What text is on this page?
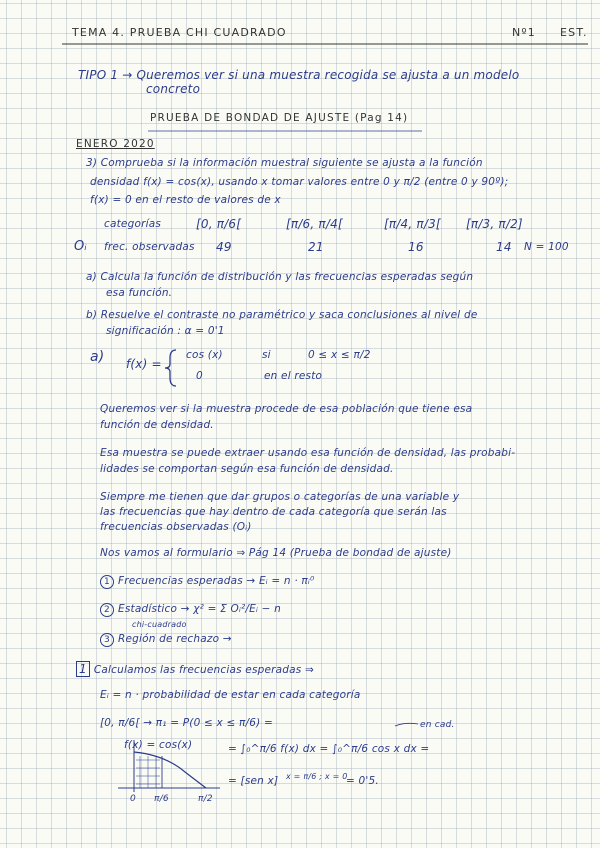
TEMA 4. PRUEBA CHI CUADRADO	Nº1 EST.
TIPO 1 → Queremos ver si una muestra recogida se ajusta a un modelo
concreto
PRUEBA DE BONDAD DE AJUSTE (Pag 14)
ENERO 2020
3) Comprueba si la información muestral siguiente se ajusta a la función
densidad f(x) = cos(x), usando x tomar valores entre 0 y π/2 (entre 0 y 90º);
f(x) = 0 en el resto de valores de x
categorías	[0, π/6[	[π/6, π/4[	[π/4, π/3[ [π/3, π/2]
Oᵢ frec. observadas 49	21	16	14 N = 100
a) Calcula la función de distribución y las frecuencias esperadas según
esa función.
b) Resuelve el contraste no paramétrico y saca conclusiones al nivel de
significación : α = 0'1
a) f(x) =
cos (x)	si	0 ≤ x ≤ π/2
0	en el resto
Queremos ver si la muestra procede de esa población que tiene esa
función de densidad.
Esa muestra se puede extraer usando esa función de densidad, las probabi-
lidades se comportan según esa función de densidad.
Siempre me tienen que dar grupos o categorías de una variable y
las frecuencias que hay dentro de cada categoría que serán las
frecuencias observadas (Oᵢ)
Nos vamos al formulario ⇒ Pág 14 (Prueba de bondad de ajuste)
1 Frecuencias esperadas → Eᵢ = n · πᵢ⁰
2 Estadístico → χ² = Σ Oᵢ²/Eᵢ − n
chi-cuadrado
3 Región de rechazo →
1 Calculamos las frecuencias esperadas ⇒
Eᵢ = n · probabilidad de estar en cada categoría
[0, π/6[ → π₁ = P(0 ≤ x ≤ π/6) =	en cad.
f(x) = cos(x)
0 π/6	π/2
= ∫₀^π/6 f(x) dx = ∫₀^π/6 cos x dx =
= [sen x] x = π/6 ; x = 0
= 0'5.
